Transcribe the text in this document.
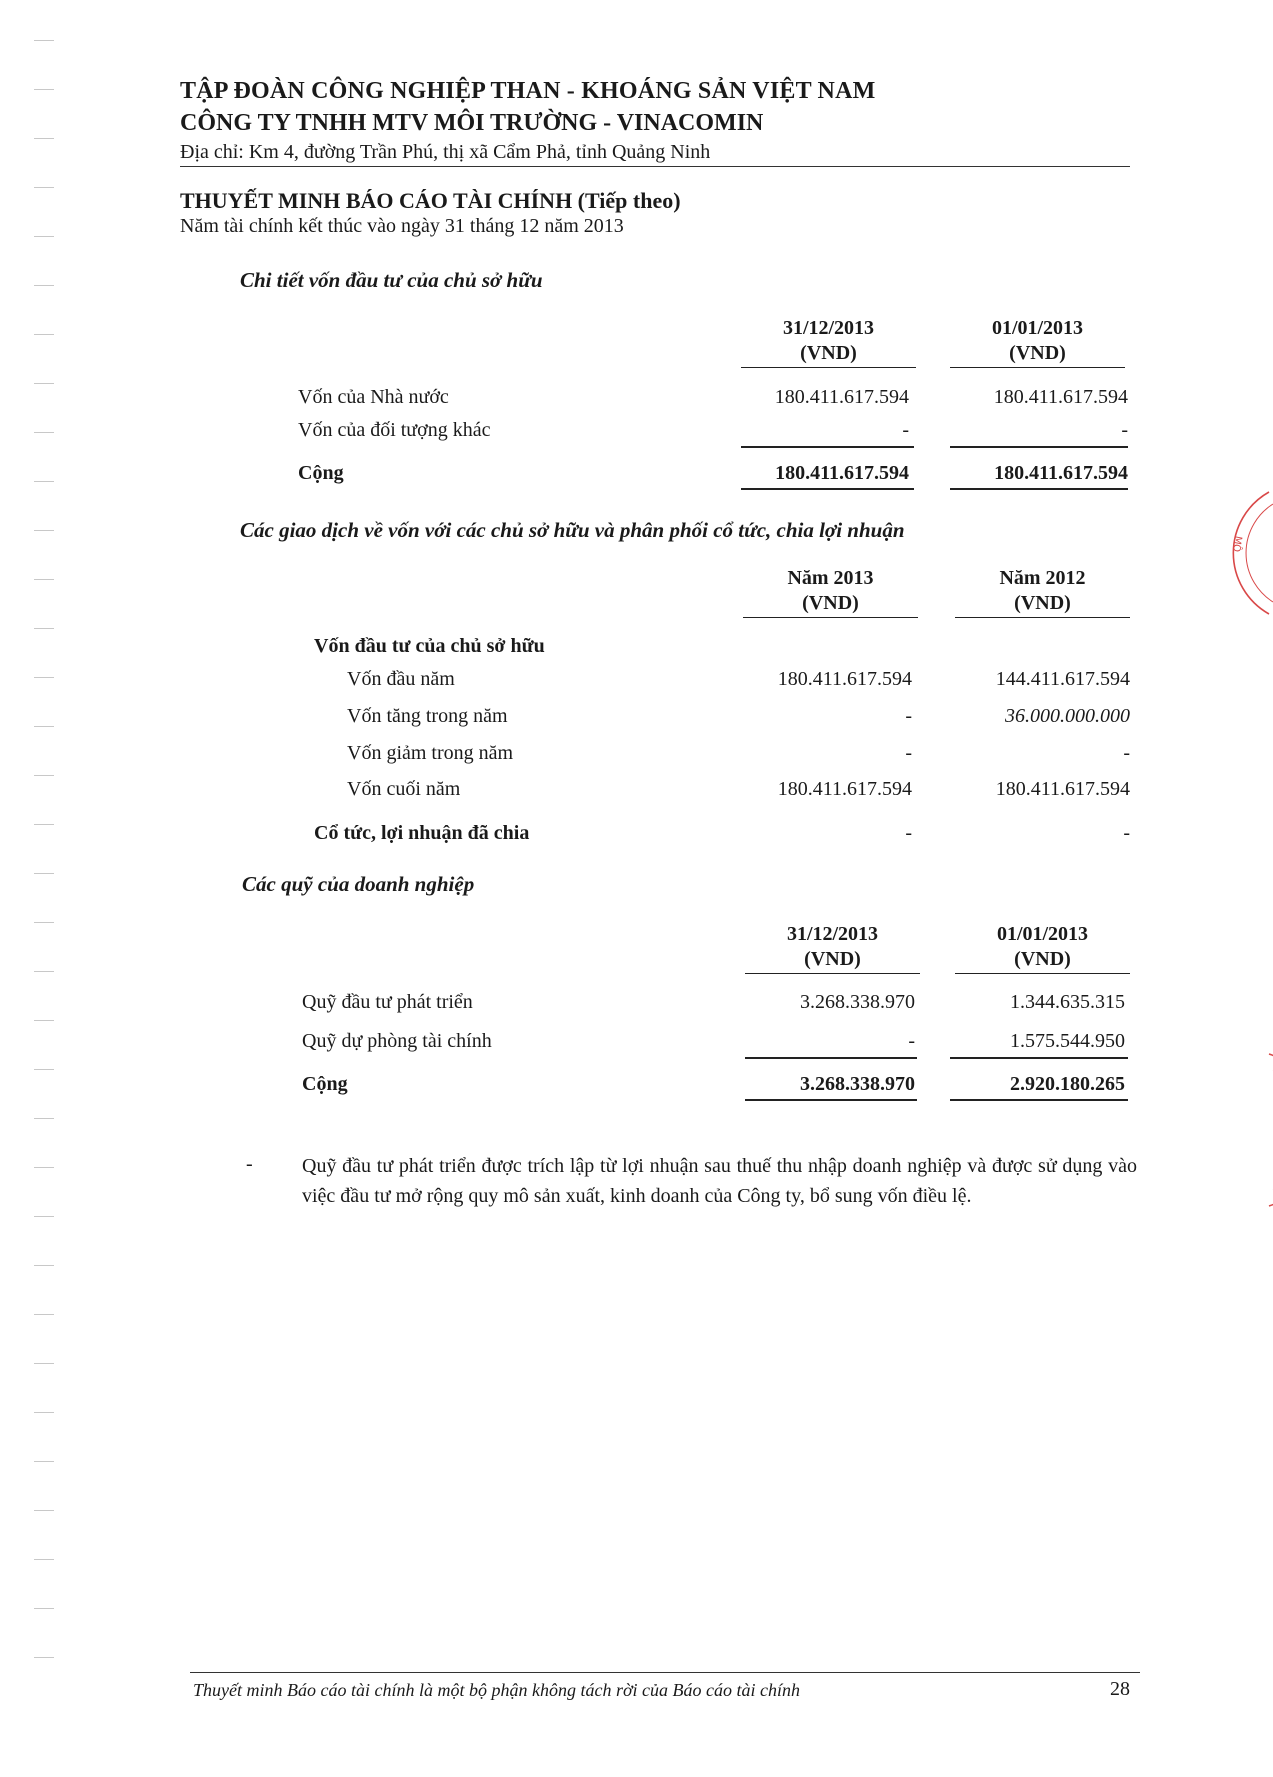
TẬP ĐOÀN CÔNG NGHIỆP THAN - KHOÁNG SẢN VIỆT NAM
CÔNG TY TNHH MTV MÔI TRƯỜNG - VINACOMIN
Địa chỉ: Km 4, đường Trần Phú, thị xã Cẩm Phả, tỉnh Quảng Ninh
THUYẾT MINH BÁO CÁO TÀI CHÍNH (Tiếp theo)
Năm tài chính kết thúc vào ngày 31 tháng 12 năm 2013
Chi tiết vốn đầu tư của chủ sở hữu
31/12/2013
(VND)
01/01/2013
(VND)
Vốn của Nhà nước	180.411.617.594	180.411.617.594
Vốn của đối tượng khác	-	-
Cộng	180.411.617.594	180.411.617.594
Các giao dịch về vốn với các chủ sở hữu và phân phối cổ tức, chia lợi nhuận
Năm 2013
(VND)
Năm 2012
(VND)
Vốn đầu tư của chủ sở hữu
Vốn đầu năm	180.411.617.594	144.411.617.594
Vốn tăng trong năm	-	36.000.000.000
Vốn giảm trong năm	-	-
Vốn cuối năm	180.411.617.594	180.411.617.594
Cổ tức, lợi nhuận đã chia	-	-
Các quỹ của doanh nghiệp
31/12/2013
(VND)
01/01/2013
(VND)
Quỹ đầu tư phát triển	3.268.338.970	1.344.635.315
Quỹ dự phòng tài chính	-	1.575.544.950
Cộng	3.268.338.970	2.920.180.265
- Quỹ đầu tư phát triển được trích lập từ lợi nhuận sau thuế thu nhập doanh nghiệp và được sử dụng vào việc đầu tư mở rộng quy mô sản xuất, kinh doanh của Công ty, bổ sung vốn điều lệ.
MÔ
Thuyết minh Báo cáo tài chính là một bộ phận không tách rời của Báo cáo tài chính	28
